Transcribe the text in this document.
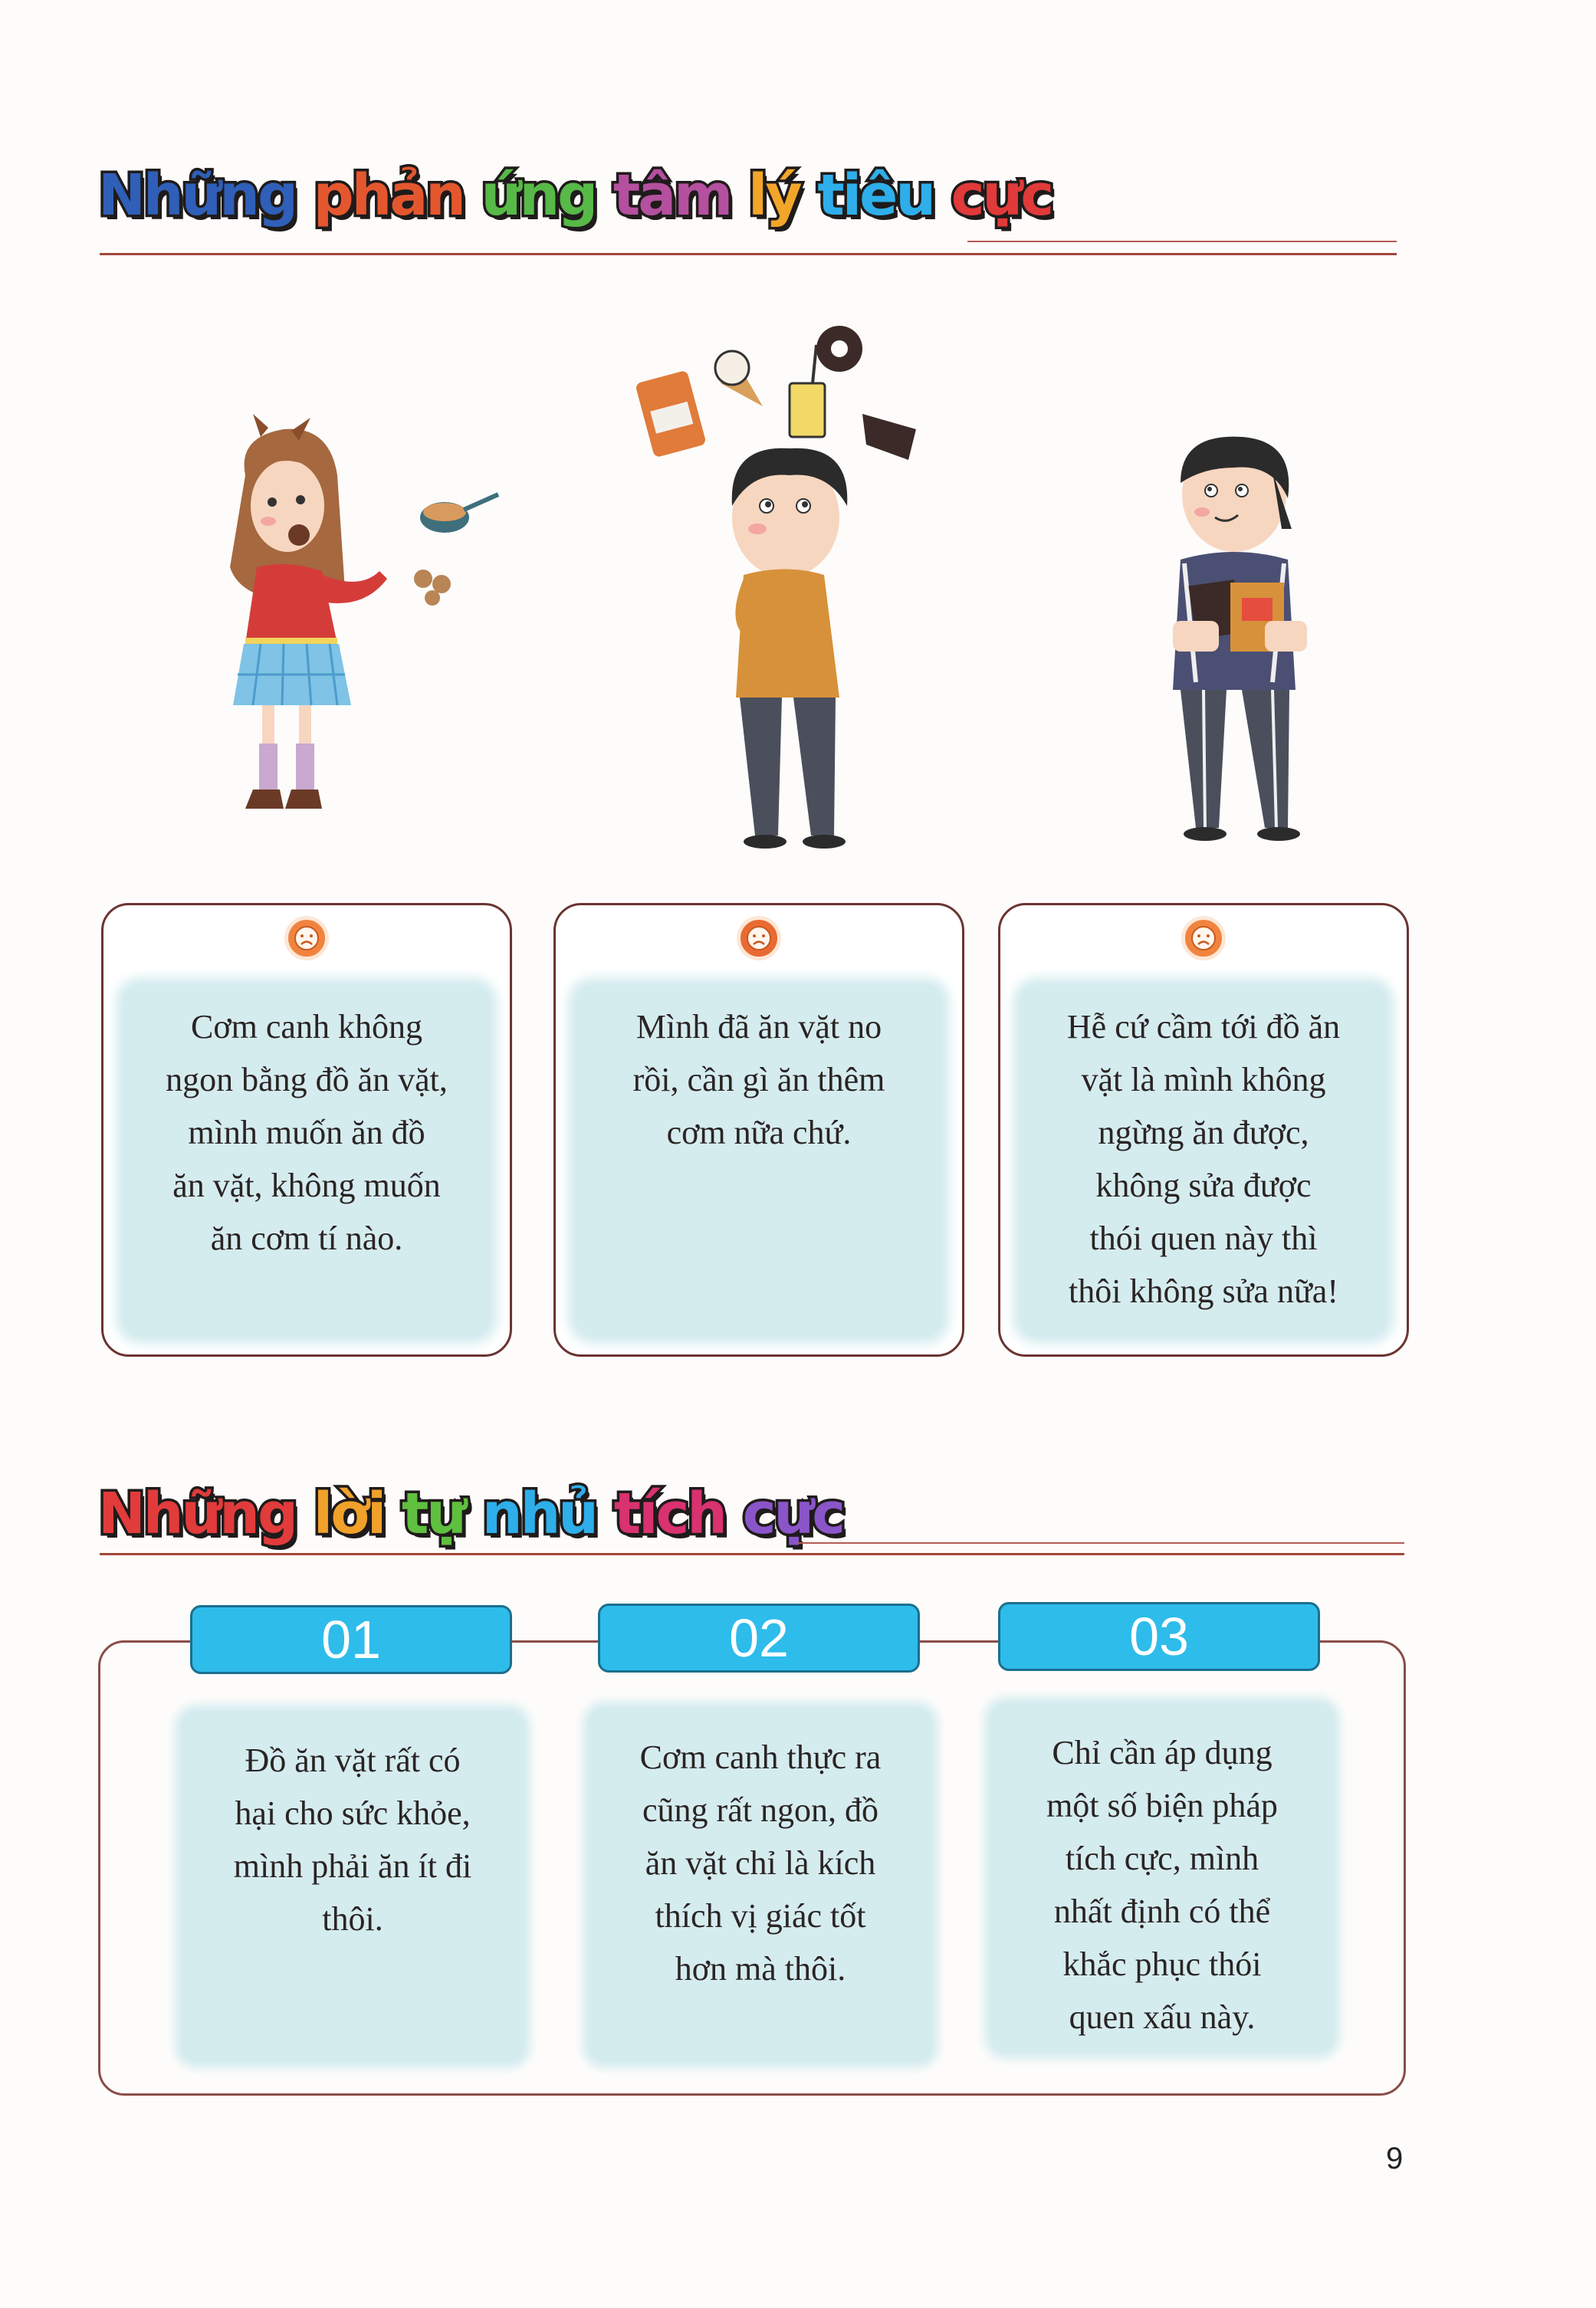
Những phản ứng tâm lý tiêu cực
Cơm canh không
ngon bằng đồ ăn vặt,
mình muốn ăn đồ
ăn vặt, không muốn
ăn cơm tí nào.
Mình đã ăn vặt no
rồi, cần gì ăn thêm
cơm nữa chứ.
Hễ cứ cầm tới đồ ăn
vặt là mình không
ngừng ăn được,
không sửa được
thói quen này thì
thôi không sửa nữa!
Những lời tự nhủ tích cực
01	02	03
Đồ ăn vặt rất có
hại cho sức khỏe,
mình phải ăn ít đi
thôi.
Cơm canh thực ra
cũng rất ngon, đồ
ăn vặt chỉ là kích
thích vị giác tốt
hơn mà thôi.
Chỉ cần áp dụng
một số biện pháp
tích cực, mình
nhất định có thể
khắc phục thói
quen xấu này.
9
